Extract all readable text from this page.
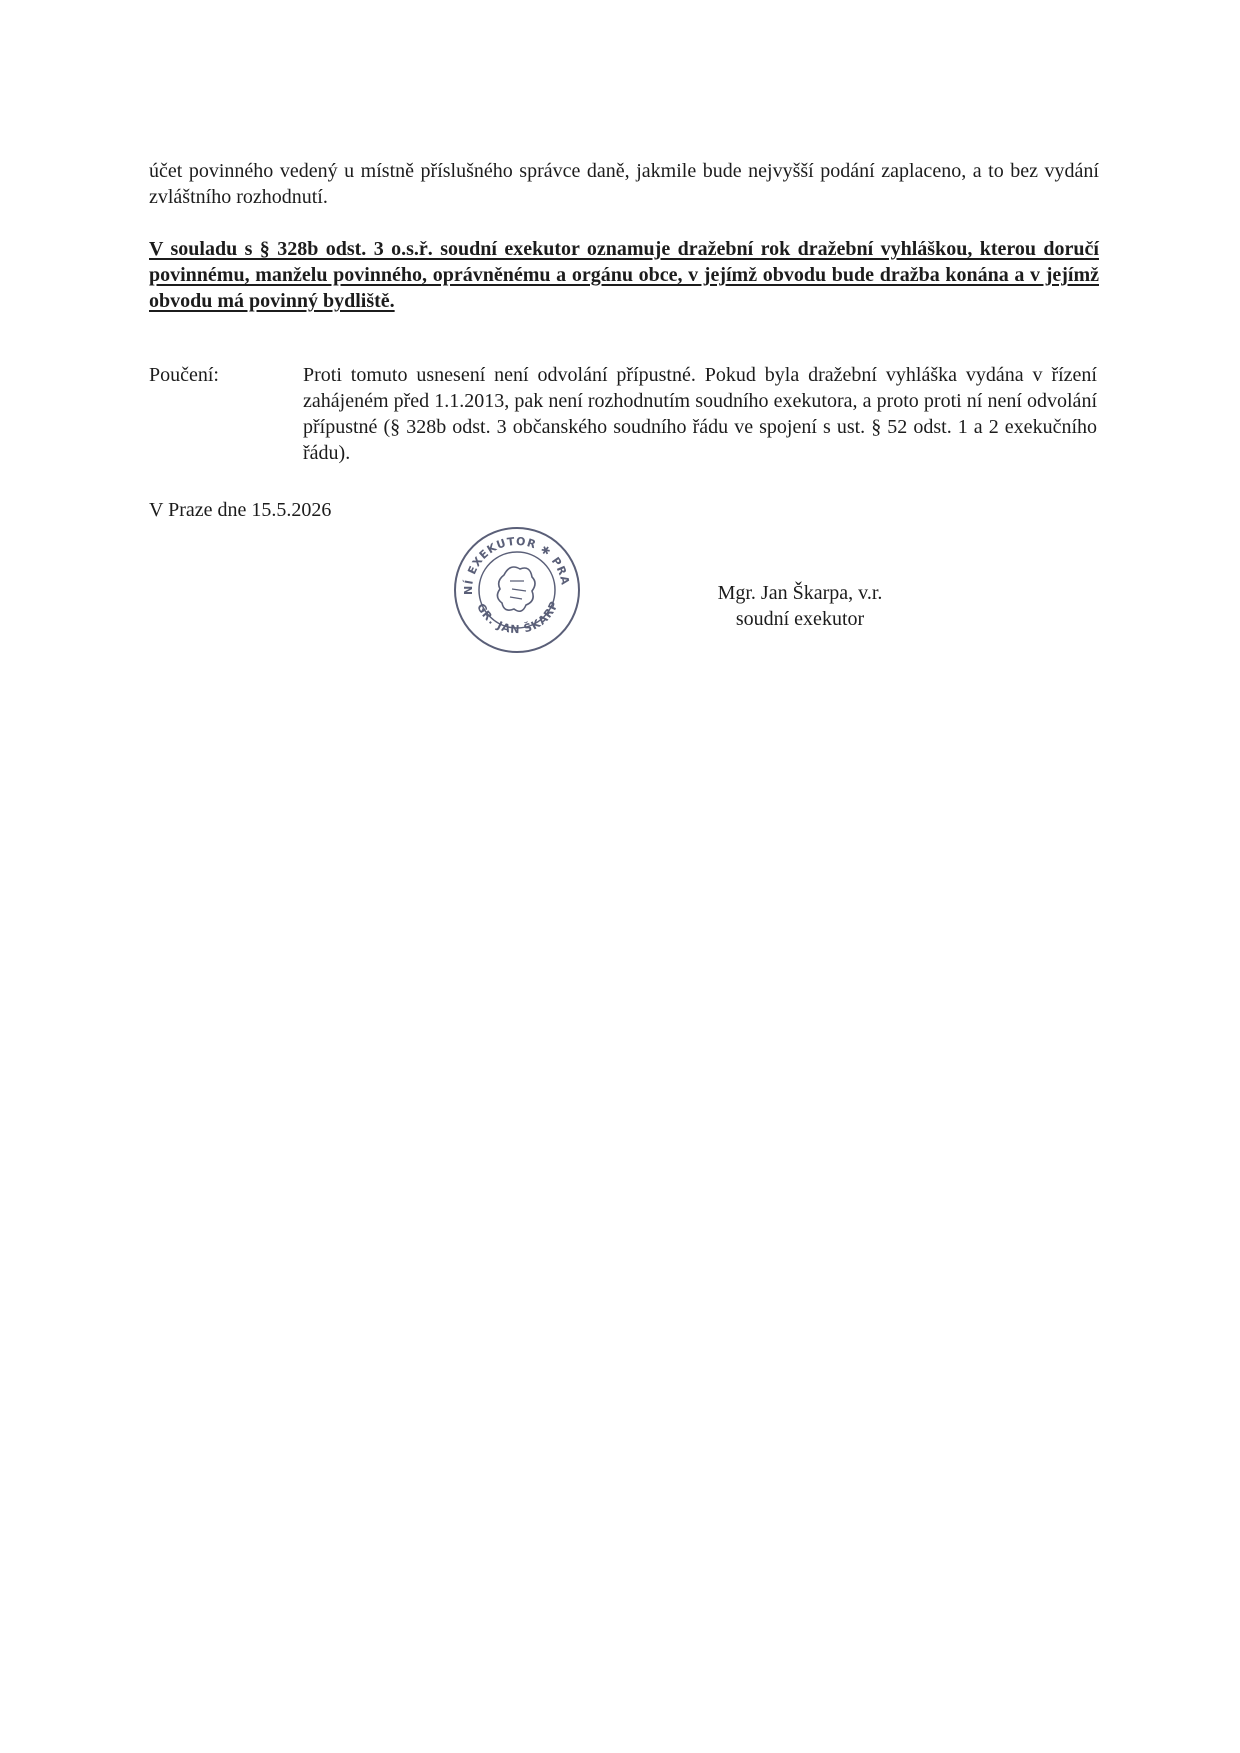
účet povinného vedený u místně příslušného správce daně, jakmile bude nejvyšší podání zaplaceno, a to bez vydání zvláštního rozhodnutí.

V souladu s § 328b odst. 3 o.s.ř. soudní exekutor oznamuje dražební rok dražební vyhláškou, kterou doručí povinnému, manželu povinného, oprávněnému a orgánu obce, v jejímž obvodu bude dražba konána a v jejímž obvodu má povinný bydliště.

Poučení:	Proti tomuto usnesení není odvolání přípustné. Pokud byla dražební vyhláška vydána v řízení zahájeném před 1.1.2013, pak není rozhodnutím soudního exekutora, a proto proti ní není odvolání přípustné (§ 328b odst. 3 občanského soudního řádu ve spojení s ust. § 52 odst. 1 a 2 exekučního řádu).
V Praze dne 15.5.2026
NÍ EXEKUTOR ✱ PRA
GR. JAN ŠKARP
Mgr. Jan Škarpa, v.r.
soudní exekutor
